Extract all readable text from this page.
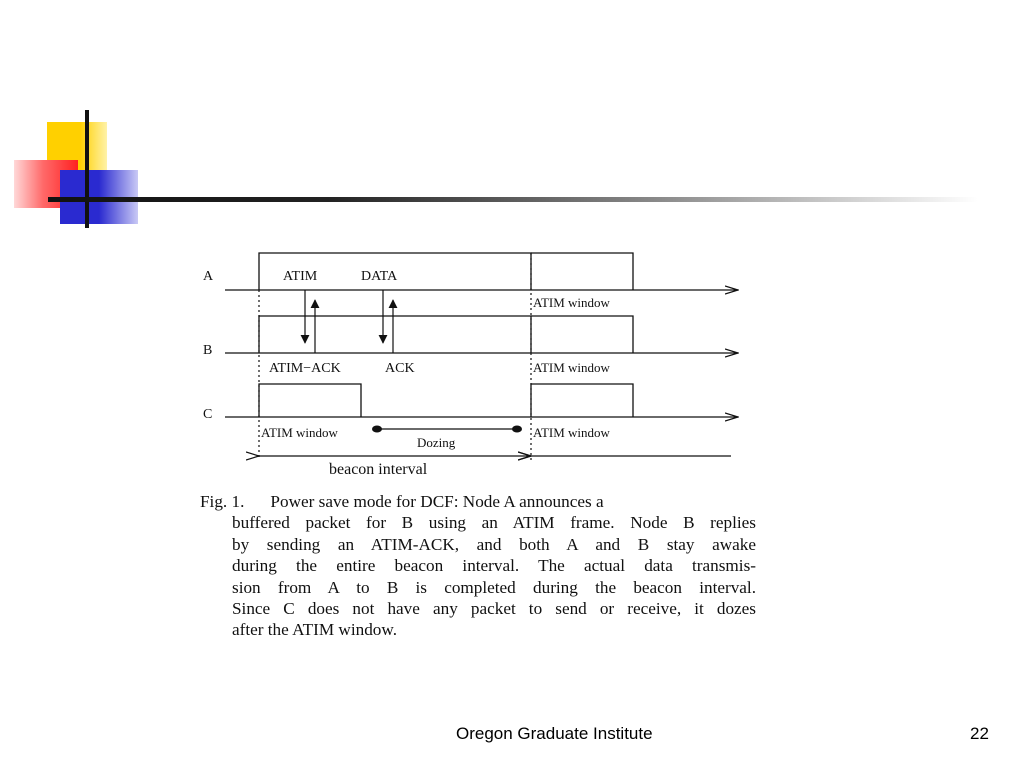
A
B
C
ATIM	DATA
ATIM window
ATIM−ACK	ACK	ATIM window
ATIM window	ATIM window
Dozing
beacon interval
Fig. 1. Power save mode for DCF: Node A announces a
buffered packet for B using an ATIM frame. Node B replies
by sending an ATIM-ACK, and both A and B stay awake
during the entire beacon interval. The actual data transmis-
sion from A to B is completed during the beacon interval.
Since C does not have any packet to send or receive, it dozes
after the ATIM window.
Oregon Graduate Institute	22
